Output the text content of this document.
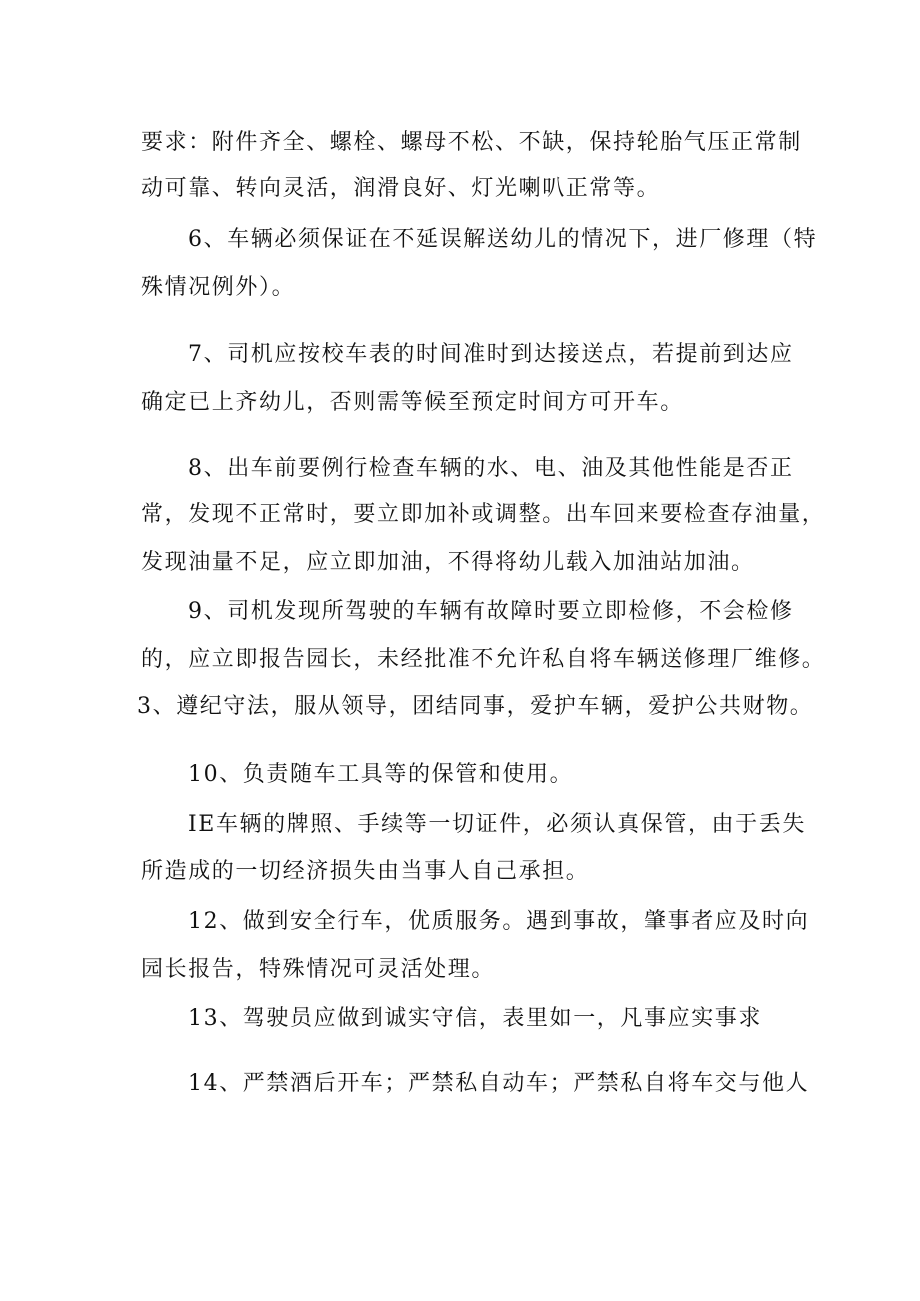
要求：附件齐全、螺栓、螺母不松、不缺，保持轮胎气压正常制
动可靠、转向灵活，润滑良好、灯光喇叭正常等。
6、车辆必须保证在不延误解送幼儿的情况下，进厂修理（特
殊情况例外）。
7、司机应按校车表的时间准时到达接送点，若提前到达应
确定已上齐幼儿，否则需等候至预定时间方可开车。
8、出车前要例行检查车辆的水、电、油及其他性能是否正
常，发现不正常时，要立即加补或调整。出车回来要检查存油量，
发现油量不足，应立即加油，不得将幼儿载入加油站加油。
9、司机发现所驾驶的车辆有故障时要立即检修，不会检修
的，应立即报告园长，未经批准不允许私自将车辆送修理厂维修。
3、遵纪守法，服从领导，团结同事，爱护车辆，爱护公共财物。
10、负责随车工具等的保管和使用。
IE车辆的牌照、手续等一切证件，必须认真保管，由于丢失
所造成的一切经济损失由当事人自己承担。
12、做到安全行车，优质服务。遇到事故，肇事者应及时向
园长报告，特殊情况可灵活处理。
13、驾驶员应做到诚实守信，表里如一，凡事应实事求
14、严禁酒后开车；严禁私自动车；严禁私自将车交与他人
